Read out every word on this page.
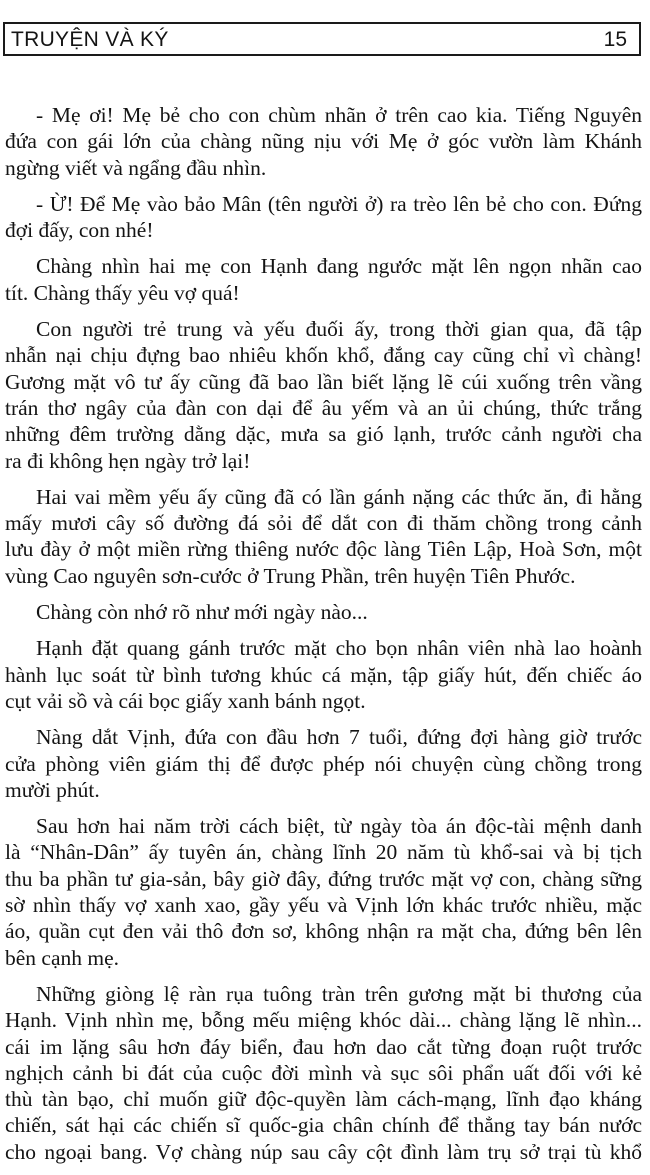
TRUYỆN VÀ KÝ	15

- Mẹ ơi! Mẹ bẻ cho con chùm nhãn ở trên cao kia. Tiếng Nguyên
đứa con gái lớn của chàng nũng nịu với Mẹ ở góc vườn làm Khánh
ngừng viết và ngẩng đầu nhìn.

- Ừ! Để Mẹ vào bảo Mân (tên người ở) ra trèo lên bẻ cho con. Đứng
đợi đấy, con nhé!

Chàng nhìn hai mẹ con Hạnh đang ngước mặt lên ngọn nhãn cao
tít. Chàng thấy yêu vợ quá!

Con người trẻ trung và yếu đuối ấy, trong thời gian qua, đã tập
nhẫn nại chịu đựng bao nhiêu khốn khổ, đắng cay cũng chỉ vì chàng!
Gương mặt vô tư ấy cũng đã bao lần biết lặng lẽ cúi xuống trên vầng
trán thơ ngây của đàn con dại để âu yếm và an ủi chúng, thức trắng
những đêm trường dằng dặc, mưa sa gió lạnh, trước cảnh người cha
ra đi không hẹn ngày trở lại!

Hai vai mềm yếu ấy cũng đã có lần gánh nặng các thức ăn, đi hằng
mấy mươi cây số đường đá sỏi để dắt con đi thăm chồng trong cảnh
lưu đày ở một miền rừng thiêng nước độc làng Tiên Lập, Hoà Sơn, một
vùng Cao nguyên sơn-cước ở Trung Phần, trên huyện Tiên Phước.

Chàng còn nhớ rõ như mới ngày nào...

Hạnh đặt quang gánh trước mặt cho bọn nhân viên nhà lao hoành
hành lục soát từ bình tương khúc cá mặn, tập giấy hút, đến chiếc áo
cụt vải sồ và cái bọc giấy xanh bánh ngọt.

Nàng dắt Vịnh, đứa con đầu hơn 7 tuổi, đứng đợi hàng giờ trước
cửa phòng viên giám thị để được phép nói chuyện cùng chồng trong
mười phút.

Sau hơn hai năm trời cách biệt, từ ngày tòa án độc-tài mệnh danh
là “Nhân-Dân” ấy tuyên án, chàng lĩnh 20 năm tù khổ-sai và bị tịch
thu ba phần tư gia-sản, bây giờ đây, đứng trước mặt vợ con, chàng sững
sờ nhìn thấy vợ xanh xao, gầy yếu và Vịnh lớn khác trước nhiều, mặc
áo, quần cụt đen vải thô đơn sơ, không nhận ra mặt cha, đứng bên lên
bên cạnh mẹ.

Những giòng lệ ràn rụa tuông tràn trên gương mặt bi thương của
Hạnh. Vịnh nhìn mẹ, bỗng mếu miệng khóc dài... chàng lặng lẽ nhìn...
cái im lặng sâu hơn đáy biển, đau hơn dao cắt từng đoạn ruột trước
nghịch cảnh bi đát của cuộc đời mình và sục sôi phẩn uất đối với kẻ
thù tàn bạo, chỉ muốn giữ độc-quyền làm cách-mạng, lĩnh đạo kháng
chiến, sát hại các chiến sĩ quốc-gia chân chính để thẳng tay bán nước
cho ngoại bang. Vợ chàng núp sau cây cột đình làm trụ sở trại tù khổ
